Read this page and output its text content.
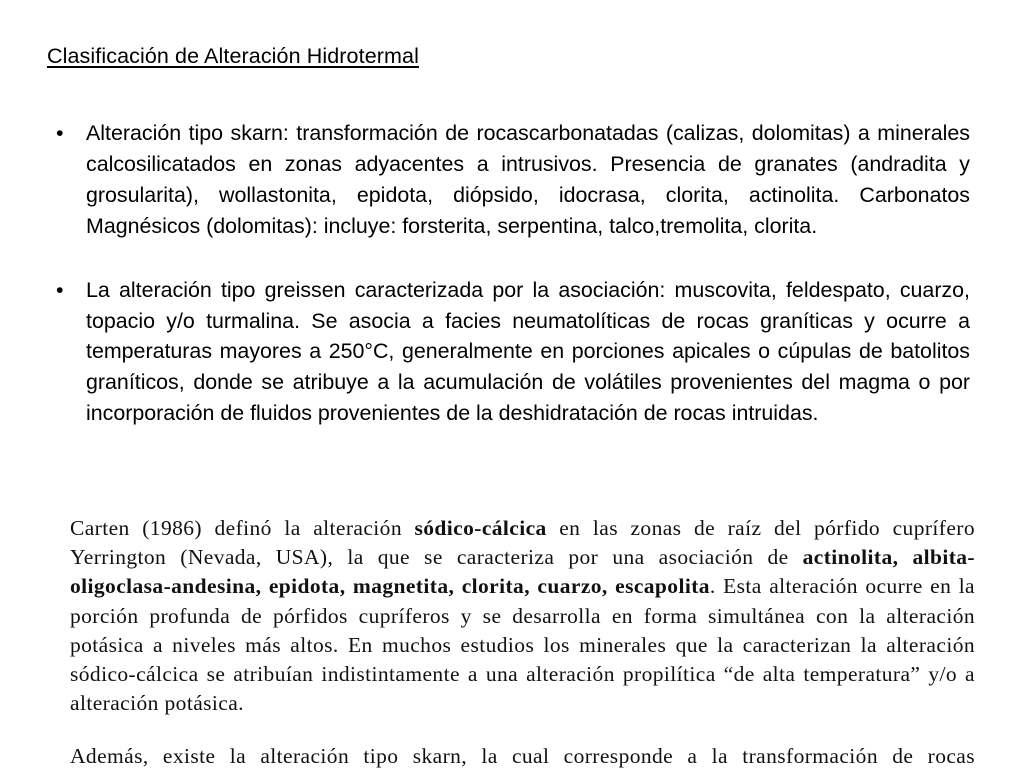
Clasificación de Alteración Hidrotermal
• Alteración tipo skarn: transformación de rocascarbonatadas (calizas, dolomitas) a minerales calcosilicatados en zonas adyacentes a intrusivos. Presencia de granates (andradita y grosularita), wollastonita, epidota, diópsido, idocrasa, clorita, actinolita. Carbonatos Magnésicos (dolomitas): incluye: forsterita, serpentina, talco,tremolita, clorita.
• La alteración tipo greissen caracterizada por la asociación: muscovita, feldespato, cuarzo, topacio y/o turmalina. Se asocia a facies neumatolíticas de rocas graníticas y ocurre a temperaturas mayores a 250°C, generalmente en porciones apicales o cúpulas de batolitos graníticos, donde se atribuye a la acumulación de volátiles provenientes del magma o por incorporación de fluidos provenientes de la deshidratación de rocas intruidas.
Carten (1986) definó la alteración sódico-cálcica en las zonas de raíz del pórfido cuprífero Yerrington (Nevada, USA), la que se caracteriza por una asociación de actinolita, albita-oligoclasa-andesina, epidota, magnetita, clorita, cuarzo, escapolita. Esta alteración ocurre en la porción profunda de pórfidos cupríferos y se desarrolla en forma simultánea con la alteración potásica a niveles más altos. En muchos estudios los minerales que la caracterizan la alteración sódico-cálcica se atribuían indistintamente a una alteración propilítica “de alta temperatura” y/o a alteración potásica.
Además, existe la alteración tipo skarn, la cual corresponde a la transformación de rocas
